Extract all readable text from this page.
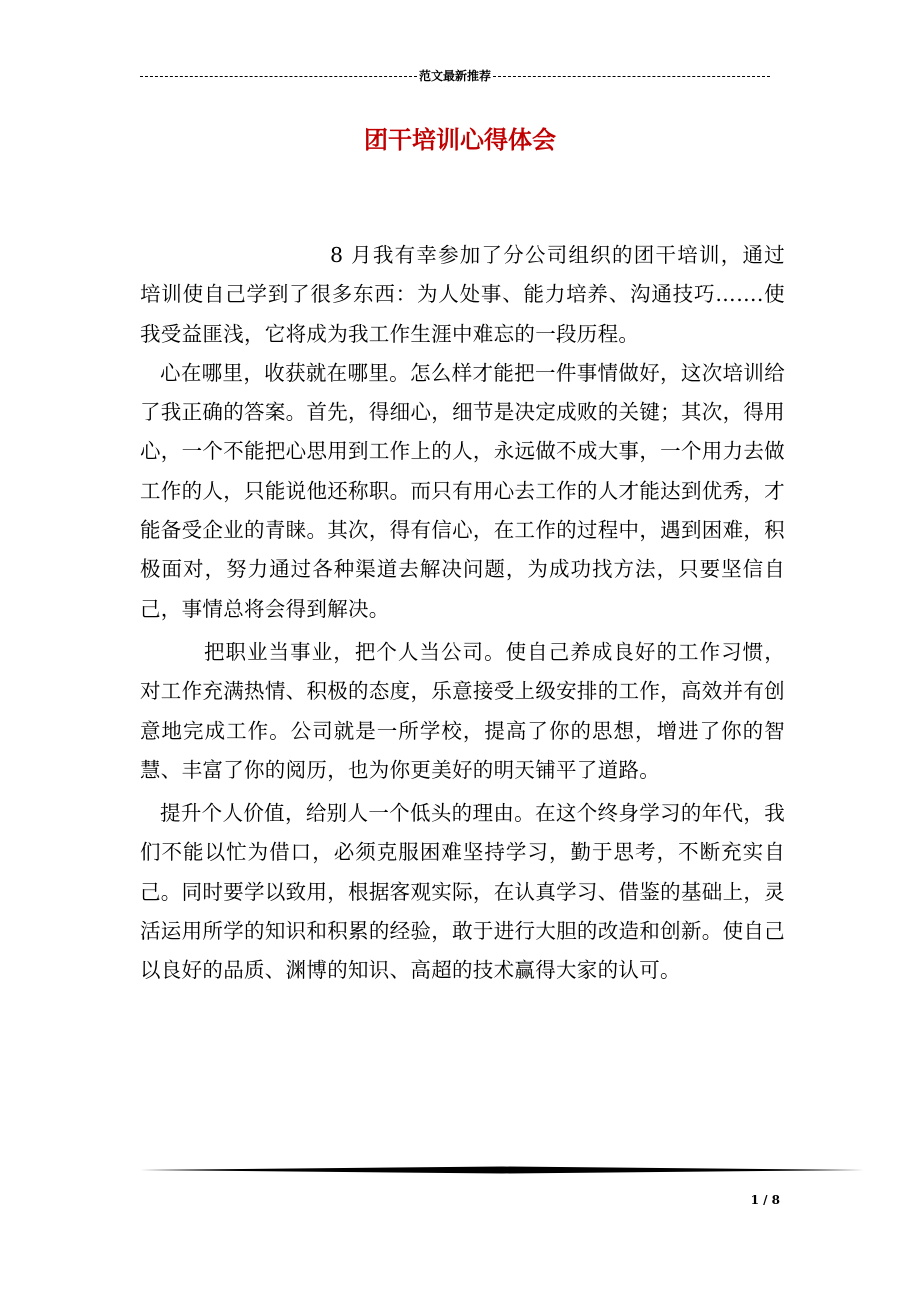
范文最新推荐
团干培训心得体会

8 月我有幸参加了分公司组织的团干培训，通过培训使自己学到了很多东西：为人处事、能力培养、沟通技巧…….使我受益匪浅，它将成为我工作生涯中难忘的一段历程。

心在哪里，收获就在哪里。怎么样才能把一件事情做好，这次培训给了我正确的答案。首先，得细心，细节是决定成败的关键；其次，得用心，一个不能把心思用到工作上的人，永远做不成大事，一个用力去做工作的人，只能说他还称职。而只有用心去工作的人才能达到优秀，才能备受企业的青睐。其次，得有信心，在工作的过程中，遇到困难，积极面对，努力通过各种渠道去解决问题，为成功找方法，只要坚信自己，事情总将会得到解决。

把职业当事业，把个人当公司。使自己养成良好的工作习惯，对工作充满热情、积极的态度，乐意接受上级安排的工作，高效并有创意地完成工作。公司就是一所学校，提高了你的思想，增进了你的智慧、丰富了你的阅历，也为你更美好的明天铺平了道路。

提升个人价值，给别人一个低头的理由。在这个终身学习的年代，我们不能以忙为借口，必须克服困难坚持学习，勤于思考，不断充实自己。同时要学以致用，根据客观实际，在认真学习、借鉴的基础上，灵活运用所学的知识和积累的经验，敢于进行大胆的改造和创新。使自己以良好的品质、渊博的知识、高超的技术赢得大家的认可。

1 / 8
